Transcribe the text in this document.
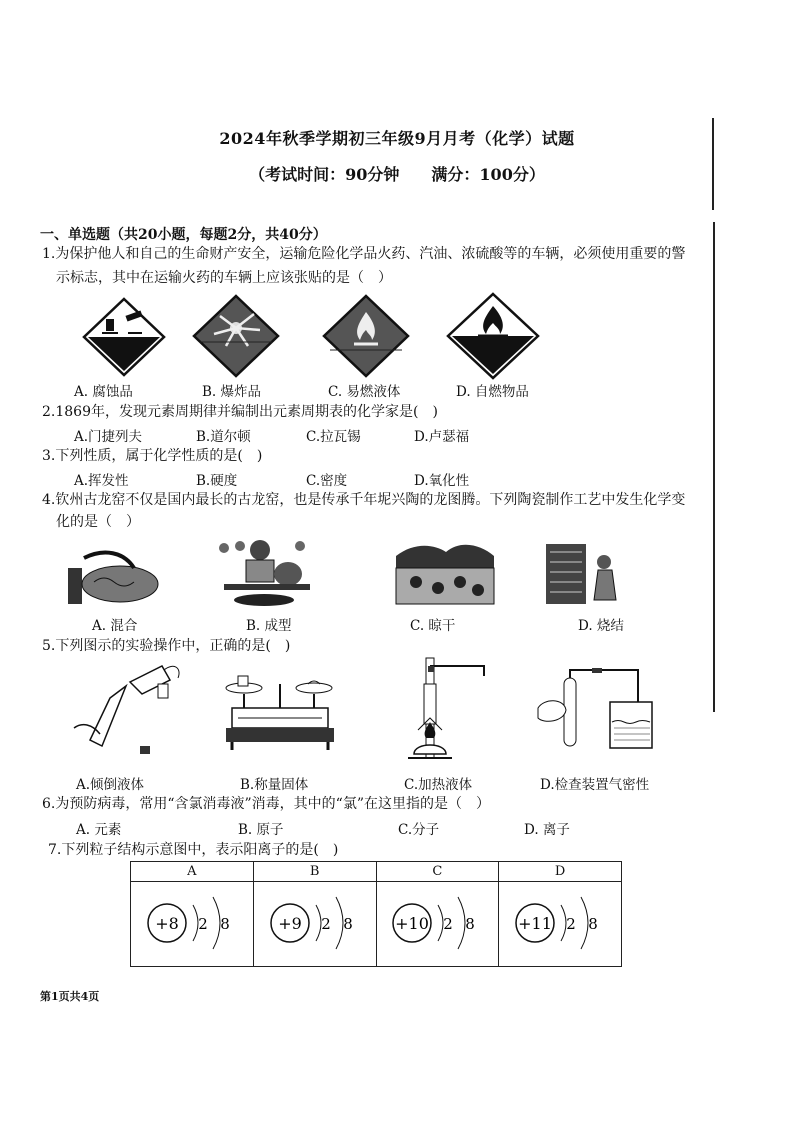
2024年秋季学期初三年级9月月考（化学）试题
（考试时间：90分钟　　满分：100分）
一、单选题（共20小题，每题2分，共40分）
1.为保护他人和自己的生命财产安全，运输危险化学品火药、汽油、浓硫酸等的车辆，必须使用重要的警
示标志，其中在运输火药的车辆上应该张贴的是（　）
A. 腐蚀品	B. 爆炸品	C. 易燃液体	D. 自燃物品
2.1869年，发现元素周期律并编制出元素周期表的化学家是(　)
A.门捷列夫	B.道尔顿	C.拉瓦锡	D.卢瑟福
3.下列性质，属于化学性质的是(　)
A.挥发性	B.硬度	C.密度	D.氧化性
4.钦州古龙窑不仅是国内最长的古龙窑，也是传承千年坭兴陶的龙图腾。下列陶瓷制作工艺中发生化学变
化的是（　）
A. 混合	B. 成型	C. 晾干	D. 烧结
5.下列图示的实验操作中，正确的是(　)
A.倾倒液体	B.称量固体	C.加热液体	D.检查装置气密性
6.为预防病毒，常用“含氯消毒液”消毒，其中的“氯”在这里指的是（　）
A. 元素	B. 原子	C.分子	D. 离子
7.下列粒子结构示意图中，表示阳离子的是(　)
A	B	C	D

+8 2 8	+9 2 8	+10 2 8	+11 2 8
第1页共4页
